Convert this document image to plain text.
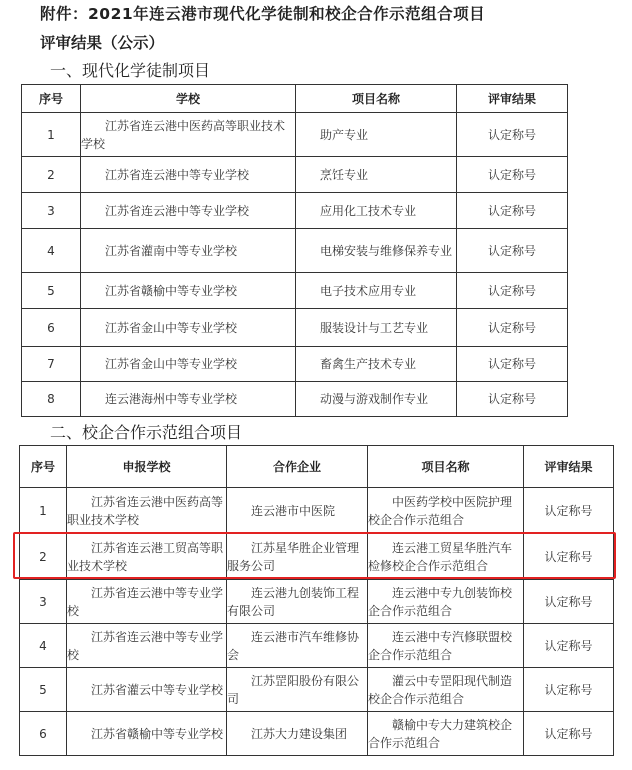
附件：2021年连云港市现代化学徒制和校企合作示范组合项目
评审结果（公示）
一、现代化学徒制项目
序号	学校	项目名称	评审结果
1	江苏省连云港中医药高等职业技术学校	助产专业	认定称号
2	江苏省连云港中等专业学校	烹饪专业	认定称号
3	江苏省连云港中等专业学校	应用化工技术专业	认定称号
4	江苏省灌南中等专业学校	电梯安装与维修保养专业	认定称号
5	江苏省赣榆中等专业学校	电子技术应用专业	认定称号
6	江苏省金山中等专业学校	服装设计与工艺专业	认定称号
7	江苏省金山中等专业学校	畜禽生产技术专业	认定称号
8	连云港海州中等专业学校	动漫与游戏制作专业	认定称号
二、校企合作示范组合项目
序号	申报学校	合作企业	项目名称	评审结果
1	江苏省连云港中医药高等职业技术学校	连云港市中医院	中医药学校中医院护理校企合作示范组合	认定称号
2	江苏省连云港工贸高等职业技术学校	江苏星华胜企业管理服务公司	连云港工贸星华胜汽车检修校企合作示范组合	认定称号
3	江苏省连云港中等专业学校	连云港九创装饰工程有限公司	连云港中专九创装饰校企合作示范组合	认定称号
4	江苏省连云港中等专业学校	连云港市汽车维修协会	连云港中专汽修联盟校企合作示范组合	认定称号
5	江苏省灌云中等专业学校	江苏罡阳股份有限公司	灌云中专罡阳现代制造校企合作示范组合	认定称号
6	江苏省赣榆中等专业学校	江苏大力建设集团	赣榆中专大力建筑校企合作示范组合	认定称号
